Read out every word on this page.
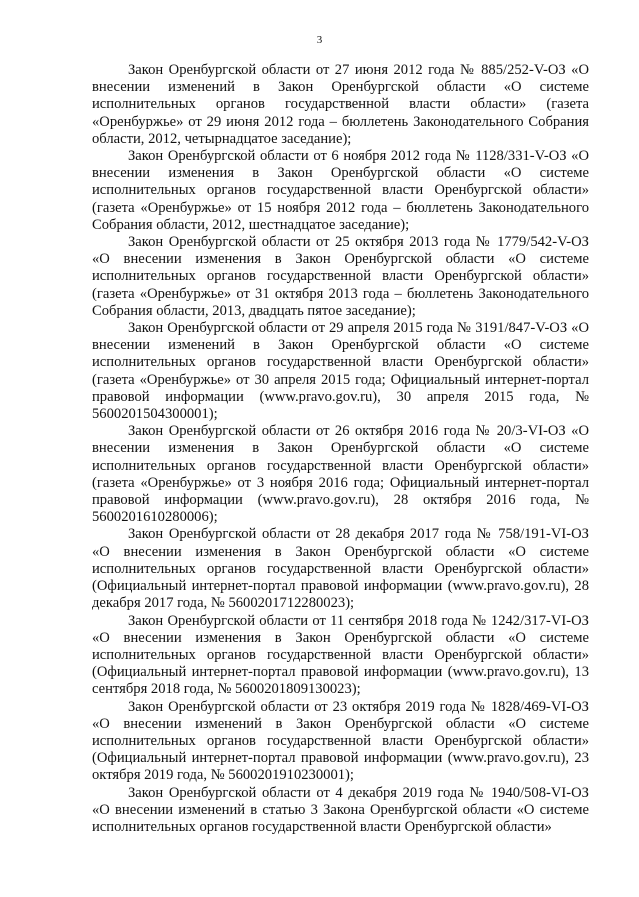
3

Закон Оренбургской области от 27 июня 2012 года № 885/252-V-ОЗ «О внесении изменений в Закон Оренбургской области «О системе исполнительных органов государственной власти области» (газета «Оренбуржье» от 29 июня 2012 года – бюллетень Законодательного Собрания области, 2012, четырнадцатое заседание);

Закон Оренбургской области от 6 ноября 2012 года № 1128/331-V-ОЗ «О внесении изменения в Закон Оренбургской области «О системе исполнительных органов государственной власти Оренбургской области» (газета «Оренбуржье» от 15 ноября 2012 года – бюллетень Законодательного Собрания области, 2012, шестнадцатое заседание);

Закон Оренбургской области от 25 октября 2013 года № 1779/542-V-ОЗ «О внесении изменения в Закон Оренбургской области «О системе исполнительных органов государственной власти Оренбургской области» (газета «Оренбуржье» от 31 октября 2013 года – бюллетень Законодательного Собрания области, 2013, двадцать пятое заседание);

Закон Оренбургской области от 29 апреля 2015 года № 3191/847-V-ОЗ «О внесении изменений в Закон Оренбургской области «О системе исполнительных органов государственной власти Оренбургской области» (газета «Оренбуржье» от 30 апреля 2015 года; Официальный интернет-портал правовой информации (www.pravo.gov.ru), 30 апреля 2015 года, № 5600201504300001);

Закон Оренбургской области от 26 октября 2016 года № 20/3-VI-ОЗ «О внесении изменения в Закон Оренбургской области «О системе исполнительных органов государственной власти Оренбургской области» (газета «Оренбуржье» от 3 ноября 2016 года; Официальный интернет-портал правовой информации (www.pravo.gov.ru), 28 октября 2016 года, № 5600201610280006);

Закон Оренбургской области от 28 декабря 2017 года № 758/191-VI-ОЗ «О внесении изменения в Закон Оренбургской области «О системе исполнительных органов государственной власти Оренбургской области» (Официальный интернет-портал правовой информации (www.pravo.gov.ru), 28 декабря 2017 года, № 5600201712280023);

Закон Оренбургской области от 11 сентября 2018 года № 1242/317-VI-ОЗ «О внесении изменения в Закон Оренбургской области «О системе исполнительных органов государственной власти Оренбургской области» (Официальный интернет-портал правовой информации (www.pravo.gov.ru), 13 сентября 2018 года, № 5600201809130023);

Закон Оренбургской области от 23 октября 2019 года № 1828/469-VI-ОЗ «О внесении изменений в Закон Оренбургской области «О системе исполнительных органов государственной власти Оренбургской области» (Официальный интернет-портал правовой информации (www.pravo.gov.ru), 23 октября 2019 года, № 5600201910230001);

Закон Оренбургской области от 4 декабря 2019 года № 1940/508-VI-ОЗ «О внесении изменений в статью 3 Закона Оренбургской области «О системе исполнительных органов государственной власти Оренбургской области»
